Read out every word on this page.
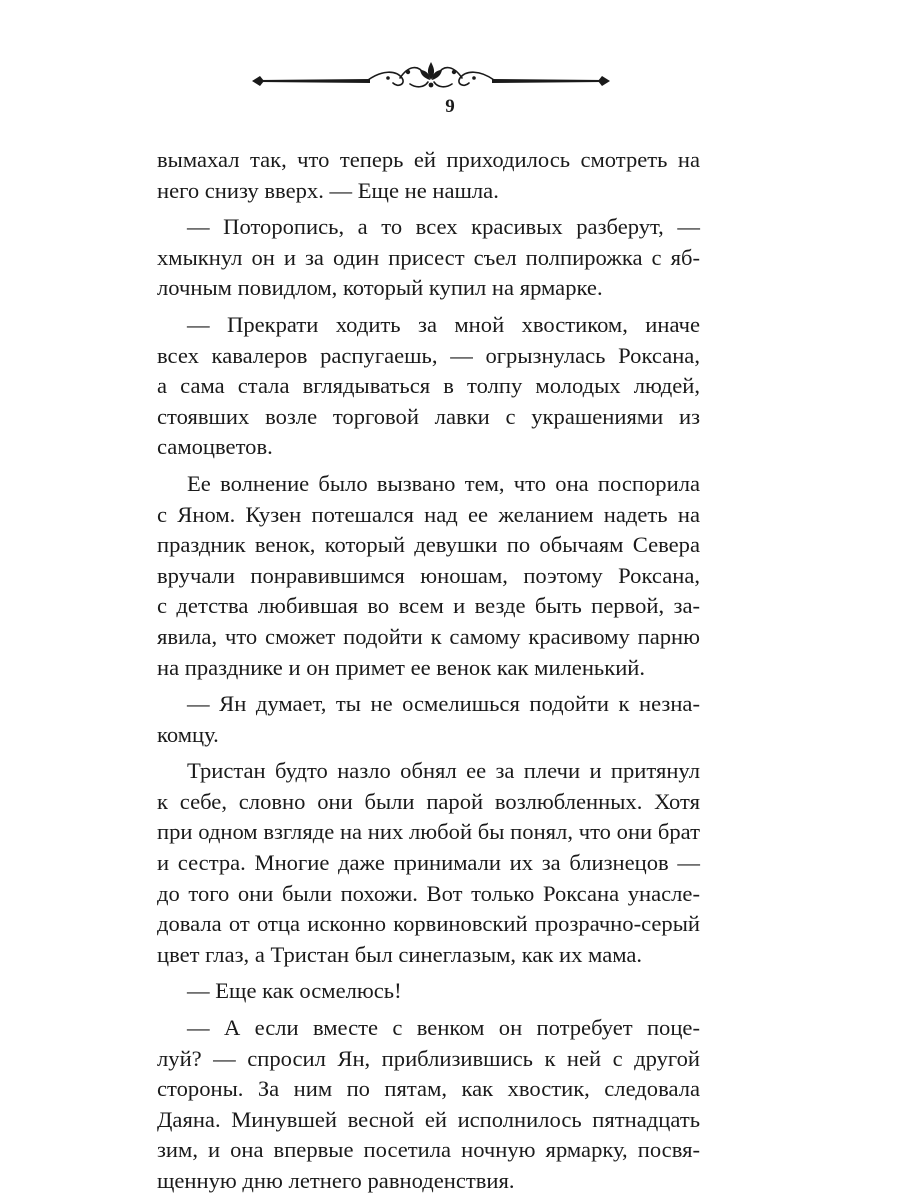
9
вымахал так, что теперь ей приходилось смотреть на
него снизу вверх. — Еще не нашла.
— Поторопись, а то всех красивых разберут, —
хмыкнул он и за один присест съел полпирожка с яб-
лочным повидлом, который купил на ярмарке.
— Прекрати ходить за мной хвостиком, иначе
всех кавалеров распугаешь, — огрызнулась Роксана,
а сама стала вглядываться в толпу молодых людей,
стоявших возле торговой лавки с украшениями из
самоцветов.
Ее волнение было вызвано тем, что она поспорила
с Яном. Кузен потешался над ее желанием надеть на
праздник венок, который девушки по обычаям Севера
вручали понравившимся юношам, поэтому Роксана,
с детства любившая во всем и везде быть первой, за-
явила, что сможет подойти к самому красивому парню
на празднике и он примет ее венок как миленький.
— Ян думает, ты не осмелишься подойти к незна-
комцу.
Тристан будто назло обнял ее за плечи и притянул
к себе, словно они были парой возлюбленных. Хотя
при одном взгляде на них любой бы понял, что они брат
и сестра. Многие даже принимали их за близнецов —
до того они были похожи. Вот только Роксана унасле-
довала от отца исконно корвиновский прозрачно-серый
цвет глаз, а Тристан был синеглазым, как их мама.
— Еще как осмелюсь!
— А если вместе с венком он потребует поце-
луй? — спросил Ян, приблизившись к ней с другой
стороны. За ним по пятам, как хвостик, следовала
Даяна. Минувшей весной ей исполнилось пятнадцать
зим, и она впервые посетила ночную ярмарку, посвя-
щенную дню летнего равноденствия.
